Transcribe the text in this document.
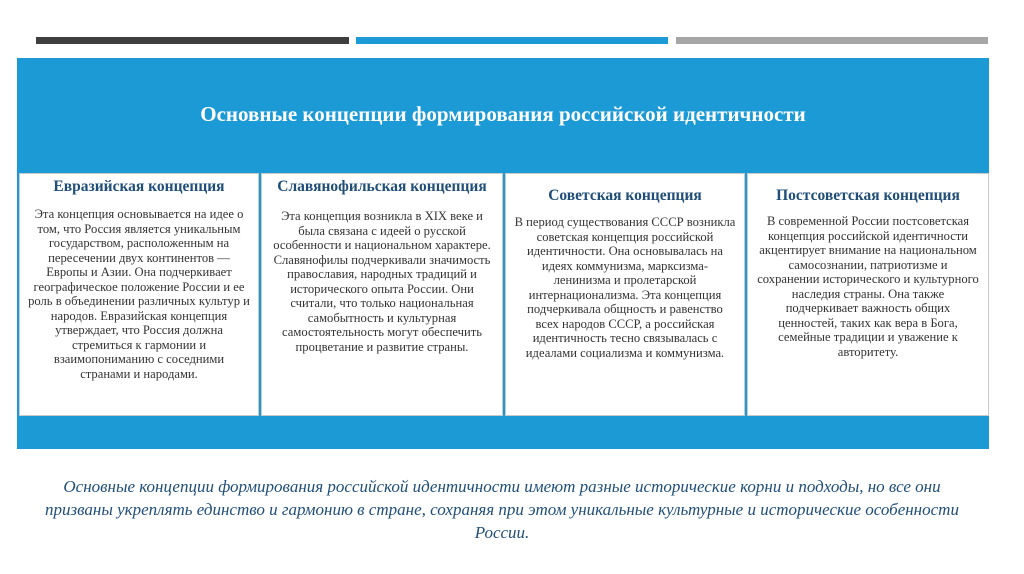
Основные концепции формирования российской идентичности
Евразийская концепция

Эта концепция основывается на идее о том, что Россия является уникальным государством, расположенным на пересечении двух континентов — Европы и Азии. Она подчеркивает географическое положение России и ее роль в объединении различных культур и народов. Евразийская концепция утверждает, что Россия должна стремиться к гармонии и взаимопониманию с соседними странами и народами.

Славянофильская концепция

Эта концепция возникла в XIX веке и была связана с идеей о русской особенности и национальном характере. Славянофилы подчеркивали значимость православия, народных традиций и исторического опыта России. Они считали, что только национальная самобытность и культурная самостоятельность могут обеспечить процветание и развитие страны.

Советская концепция

В период существования СССР возникла советская концепция российской идентичности. Она основывалась на идеях коммунизма, марксизма-ленинизма и пролетарской интернационализма. Эта концепция подчеркивала общность и равенство всех народов СССР, а российская идентичность тесно связывалась с идеалами социализма и коммунизма.

Постсоветская концепция

В современной России постсоветская концепция российской идентичности акцентирует внимание на национальном самосознании, патриотизме и сохранении исторического и культурного наследия страны. Она также подчеркивает важность общих ценностей, таких как вера в Бога, семейные традиции и уважение к авторитету.

Основные концепции формирования российской идентичности имеют разные исторические корни и подходы, но все они призваны укреплять единство и гармонию в стране, сохраняя при этом уникальные культурные и исторические особенности России.
